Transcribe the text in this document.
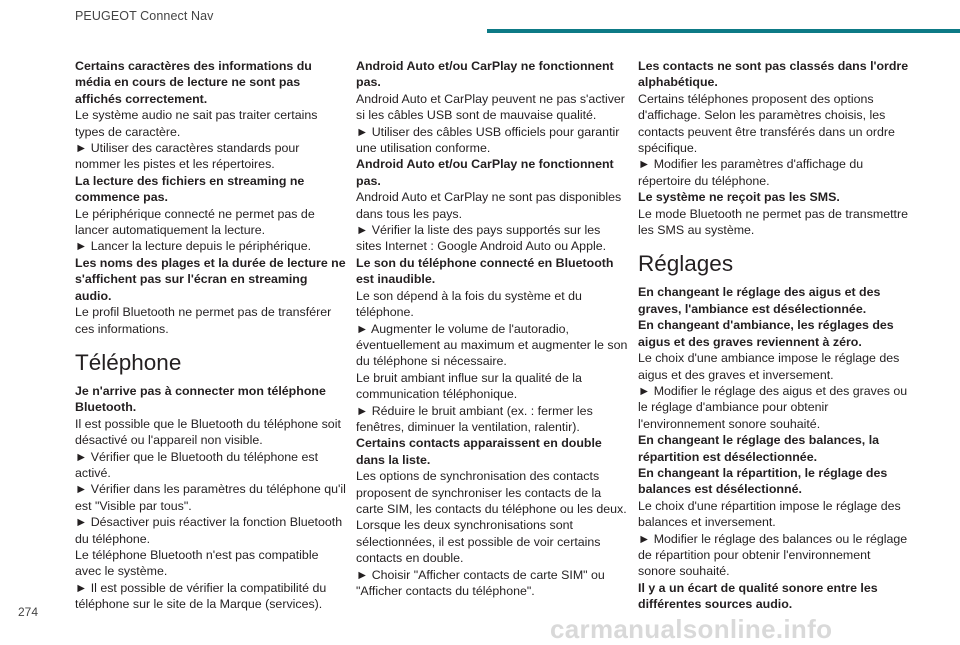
PEUGEOT Connect Nav

Certains caractères des informations du média en cours de lecture ne sont pas affichés correctement.

Le système audio ne sait pas traiter certains types de caractère.

► Utiliser des caractères standards pour nommer les pistes et les répertoires.

La lecture des fichiers en streaming ne commence pas.

Le périphérique connecté ne permet pas de lancer automatiquement la lecture.

► Lancer la lecture depuis le périphérique.

Les noms des plages et la durée de lecture ne s'affichent pas sur l'écran en streaming audio.

Le profil Bluetooth ne permet pas de transférer ces informations.

Téléphone

Je n'arrive pas à connecter mon téléphone Bluetooth.

Il est possible que le Bluetooth du téléphone soit désactivé ou l'appareil non visible.

► Vérifier que le Bluetooth du téléphone est activé.

► Vérifier dans les paramètres du téléphone qu'il est "Visible par tous".

► Désactiver puis réactiver la fonction Bluetooth du téléphone.

Le téléphone Bluetooth n'est pas compatible avec le système.

► Il est possible de vérifier la compatibilité du téléphone sur le site de la Marque (services).

Android Auto et/ou CarPlay ne fonctionnent pas.

Android Auto et CarPlay peuvent ne pas s'activer si les câbles USB sont de mauvaise qualité.

► Utiliser des câbles USB officiels pour garantir une utilisation conforme.

Android Auto et/ou CarPlay ne fonctionnent pas.

Android Auto et CarPlay ne sont pas disponibles dans tous les pays.

► Vérifier la liste des pays supportés sur les sites Internet : Google Android Auto ou Apple.

Le son du téléphone connecté en Bluetooth est inaudible.

Le son dépend à la fois du système et du téléphone.

► Augmenter le volume de l'autoradio, éventuellement au maximum et augmenter le son du téléphone si nécessaire.

Le bruit ambiant influe sur la qualité de la communication téléphonique.

► Réduire le bruit ambiant (ex. : fermer les fenêtres, diminuer la ventilation, ralentir).

Certains contacts apparaissent en double dans la liste.

Les options de synchronisation des contacts proposent de synchroniser les contacts de la carte SIM, les contacts du téléphone ou les deux. Lorsque les deux synchronisations sont sélectionnées, il est possible de voir certains contacts en double.

► Choisir "Afficher contacts de carte SIM" ou "Afficher contacts du téléphone".

Les contacts ne sont pas classés dans l'ordre alphabétique.

Certains téléphones proposent des options d'affichage. Selon les paramètres choisis, les contacts peuvent être transférés dans un ordre spécifique.

► Modifier les paramètres d'affichage du répertoire du téléphone.

Le système ne reçoit pas les SMS.

Le mode Bluetooth ne permet pas de transmettre les SMS au système.

Réglages

En changeant le réglage des aigus et des graves, l'ambiance est désélectionnée.

En changeant d'ambiance, les réglages des aigus et des graves reviennent à zéro.

Le choix d'une ambiance impose le réglage des aigus et des graves et inversement.

► Modifier le réglage des aigus et des graves ou le réglage d'ambiance pour obtenir l'environnement sonore souhaité.

En changeant le réglage des balances, la répartition est désélectionnée.

En changeant la répartition, le réglage des balances est désélectionné.

Le choix d'une répartition impose le réglage des balances et inversement.

► Modifier le réglage des balances ou le réglage de répartition pour obtenir l'environnement sonore souhaité.

Il y a un écart de qualité sonore entre les différentes sources audio.

274
carmanualsonline.info
